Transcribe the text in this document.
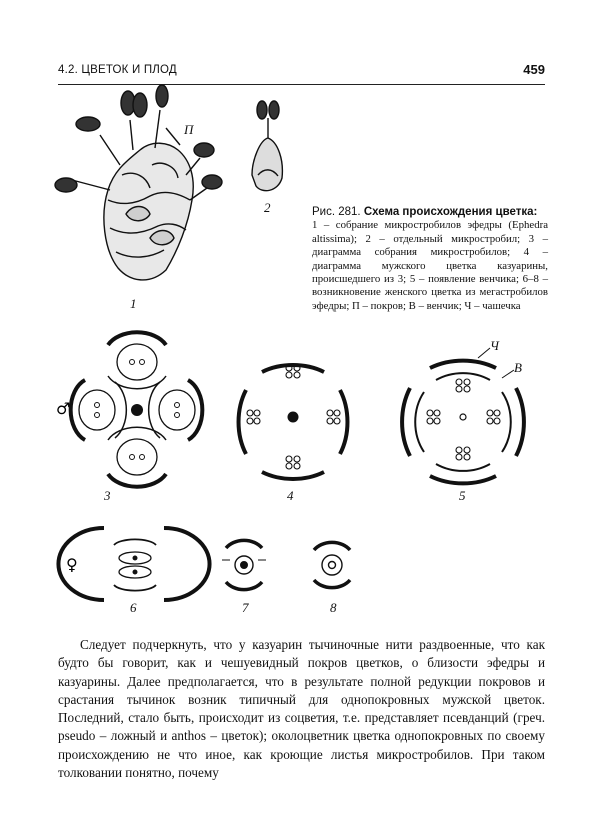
4.2. ЦВЕТОК И ПЛОД	459
П
1
2
♂
3	4
Ч
В
5
♀
6	7	8
Рис. 281. Схема происхождения цветка:
1 – собрание микростробилов эфедры (Ephedra altissima); 2 – отдельный микростробил; 3 – диаграмма собрания микростробилов; 4 – диаграмма мужского цветка казуарины, происшедшего из 3; 5 – появление венчика; 6–8 – возникновение женского цветка из мегастробилов эфедры; П – покров; В – венчик; Ч – чашечка

Следует подчеркнуть, что у казуарин тычиночные нити раздвоенные, что как будто бы говорит, как и чешуевидный покров цветков, о близости эфедры и казуарины. Далее предполагается, что в результате полной редукции покровов и срастания тычинок возник типичный для однопокровных мужской цветок. Последний, стало быть, происходит из соцветия, т.е. представляет псевданций (греч. pseudo – ложный и anthos – цветок); околоцветник цветка однопокровных по своему происхождению не что иное, как кроющие листья микростробилов. При таком толковании понятно, почему
